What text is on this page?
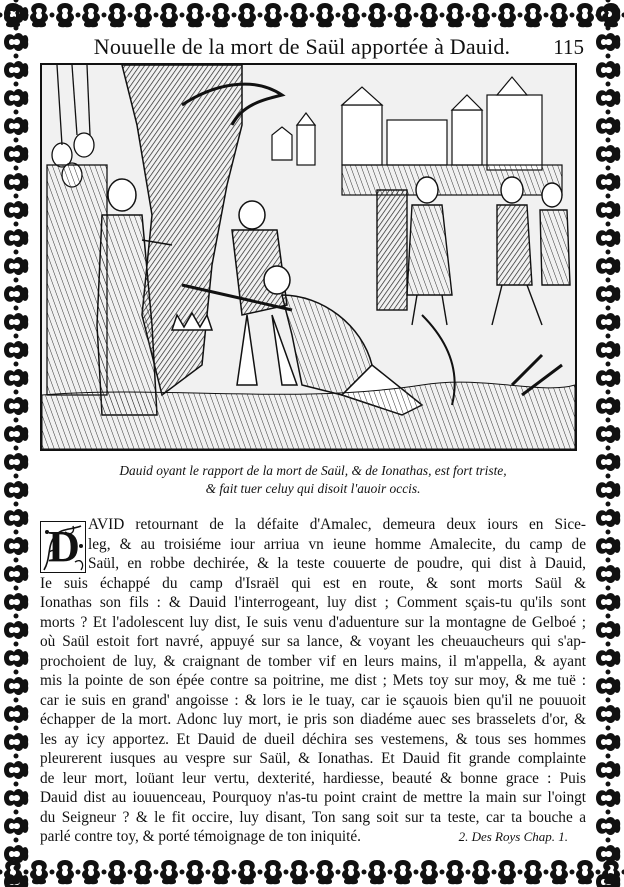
Nouuelle de la mort de Saül apportée à Dauid.	115
Dauid oyant le rapport de la mort de Saül, & de Ionathas, est fort triste,
& fait tuer celuy qui disoit l'auoir occis.
D AVID retournant de la défaite d'Amalec, demeura deux iours en Sice-
leg, & au troisiéme iour arriua vn ieune homme Amalecite, du camp de
Saül, en robbe dechirée, & la teste couuerte de poudre, qui dist à Dauid,
Ie suis échappé du camp d'Israël qui est en route, & sont morts Saül &
Ionathas son fils : & Dauid l'interrogeant, luy dist ; Comment sçais-tu qu'ils sont
morts ? Et l'adolescent luy dist, Ie suis venu d'aduenture sur la montagne de Gelboé ;
où Saül estoit fort navré, appuyé sur sa lance, & voyant les cheuaucheurs qui s'ap-
prochoient de luy, & craignant de tomber vif en leurs mains, il m'appella, & ayant
mis la pointe de son épée contre sa poitrine, me dist ; Mets toy sur moy, & me tuë :
car ie suis en grand' angoisse : & lors ie le tuay, car ie sçauois bien qu'il ne pouuoit
échapper de la mort. Adonc luy mort, ie pris son diadéme auec ses brasselets d'or, &
les ay icy apportez. Et Dauid de dueil déchira ses vestemens, & tous ses hommes
pleurerent iusques au vespre sur Saül, & Ionathas. Et Dauid fit grande complainte
de leur mort, loüant leur vertu, dexterité, hardiesse, beauté & bonne grace : Puis
Dauid dist au iouuenceau, Pourquoy n'as-tu point craint de mettre la main sur l'oingt
du Seigneur ? & le fit occire, luy disant, Ton sang soit sur ta teste, car ta bouche a
parlé contre toy, & porté témoignage de ton iniquité.	2. Des Roys Chap. 1.
